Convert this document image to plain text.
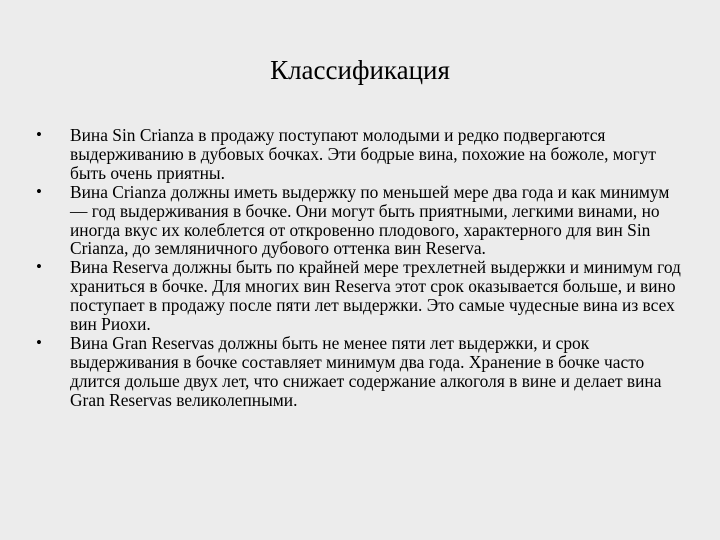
Классификация
• Вина Sin Crianza в продажу поступают молодыми и редко подвергаются выдерживанию в дубовых бочках. Эти бодрые вина, похожие на божоле, могут быть очень приятны.
• Вина Crianza должны иметь выдержку по меньшей мере два года и как минимум — год выдерживания в бочке. Они могут быть приятными, легкими винами, но иногда вкус их колеблется от откровенно плодового, характерного для вин Sin Crianza, до земляничного дубового оттенка вин Reserva.
• Вина Reserva должны быть по крайней мере трехлетней выдержки и минимум год храниться в бочке. Для многих вин Reserva этот срок оказывается больше, и вино поступает в продажу после пяти лет выдержки. Это самые чудесные вина из всех вин Риохи.
• Вина Gran Reservas должны быть не менее пяти лет выдержки, и срок выдерживания в бочке составляет минимум два года. Хранение в бочке часто длится дольше двух лет, что снижает содержание алкоголя в вине и делает вина Gran Reservas великолепными.
